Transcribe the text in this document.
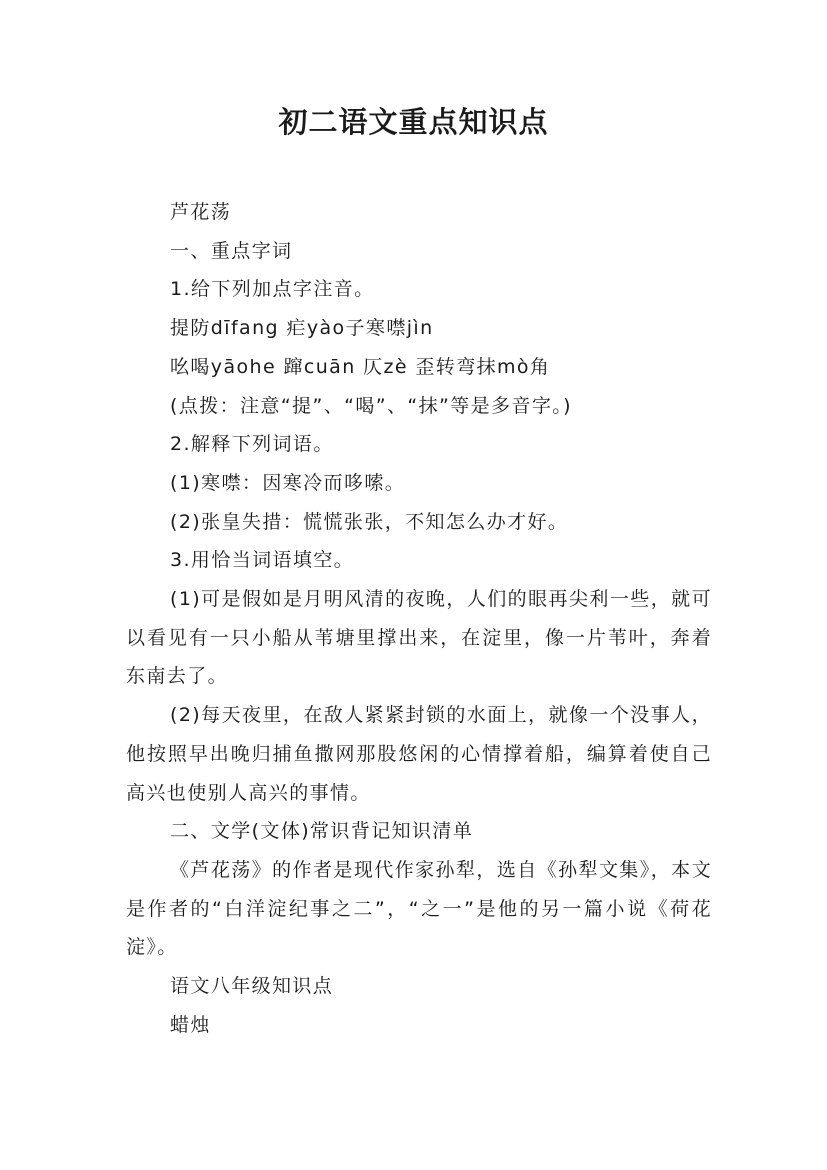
初二语文重点知识点

芦花荡

一、重点字词

1.给下列加点字注音。

提防dīfang 疟yào子寒噤jìn

吆喝yāohe 蹿cuān 仄zè 歪转弯抹mò角

(点拨：注意“提”、“喝”、“抹”等是多音字。)

2.解释下列词语。

(1)寒噤：因寒冷而哆嗦。

(2)张皇失措：慌慌张张，不知怎么办才好。

3.用恰当词语填空。

(1)可是假如是月明风清的夜晚，人们的眼再尖利一些，就可以看见有一只小船从苇塘里撑出来，在淀里，像一片苇叶，奔着东南去了。

(2)每天夜里，在敌人紧紧封锁的水面上，就像一个没事人，他按照早出晚归捕鱼撒网那股悠闲的心情撑着船，编算着使自己高兴也使别人高兴的事情。

二、文学(文体)常识背记知识清单

《芦花荡》的作者是现代作家孙犁，选自《孙犁文集》，本文是作者的“白洋淀纪事之二”，“之一”是他的另一篇小说《荷花淀》。

语文八年级知识点

蜡烛
